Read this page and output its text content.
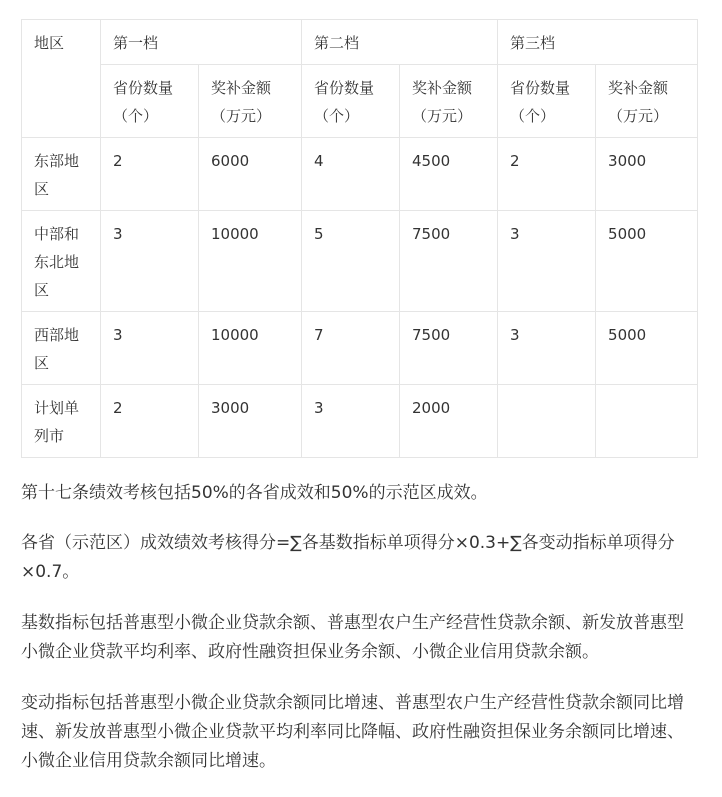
地区	第一档		第二档		第三档	
	省份数量（个）	奖补金额（万元）	省份数量（个）	奖补金额（万元）	省份数量（个）	奖补金额（万元）
东部地区	2	6000	4	4500	2	3000
中部和东北地区	3	10000	5	7500	3	5000
西部地区	3	10000	7	7500	3	5000
计划单列市	2	3000	3	2000		

第十七条绩效考核包括50%的各省成效和50%的示范区成效。

各省（示范区）成效绩效考核得分=∑各基数指标单项得分×0.3+∑各变动指标单项得分×0.7。

基数指标包括普惠型小微企业贷款余额、普惠型农户生产经营性贷款余额、新发放普惠型小微企业贷款平均利率、政府性融资担保业务余额、小微企业信用贷款余额。

变动指标包括普惠型小微企业贷款余额同比增速、普惠型农户生产经营性贷款余额同比增速、新发放普惠型小微企业贷款平均利率同比降幅、政府性融资担保业务余额同比增速、小微企业信用贷款余额同比增速。
